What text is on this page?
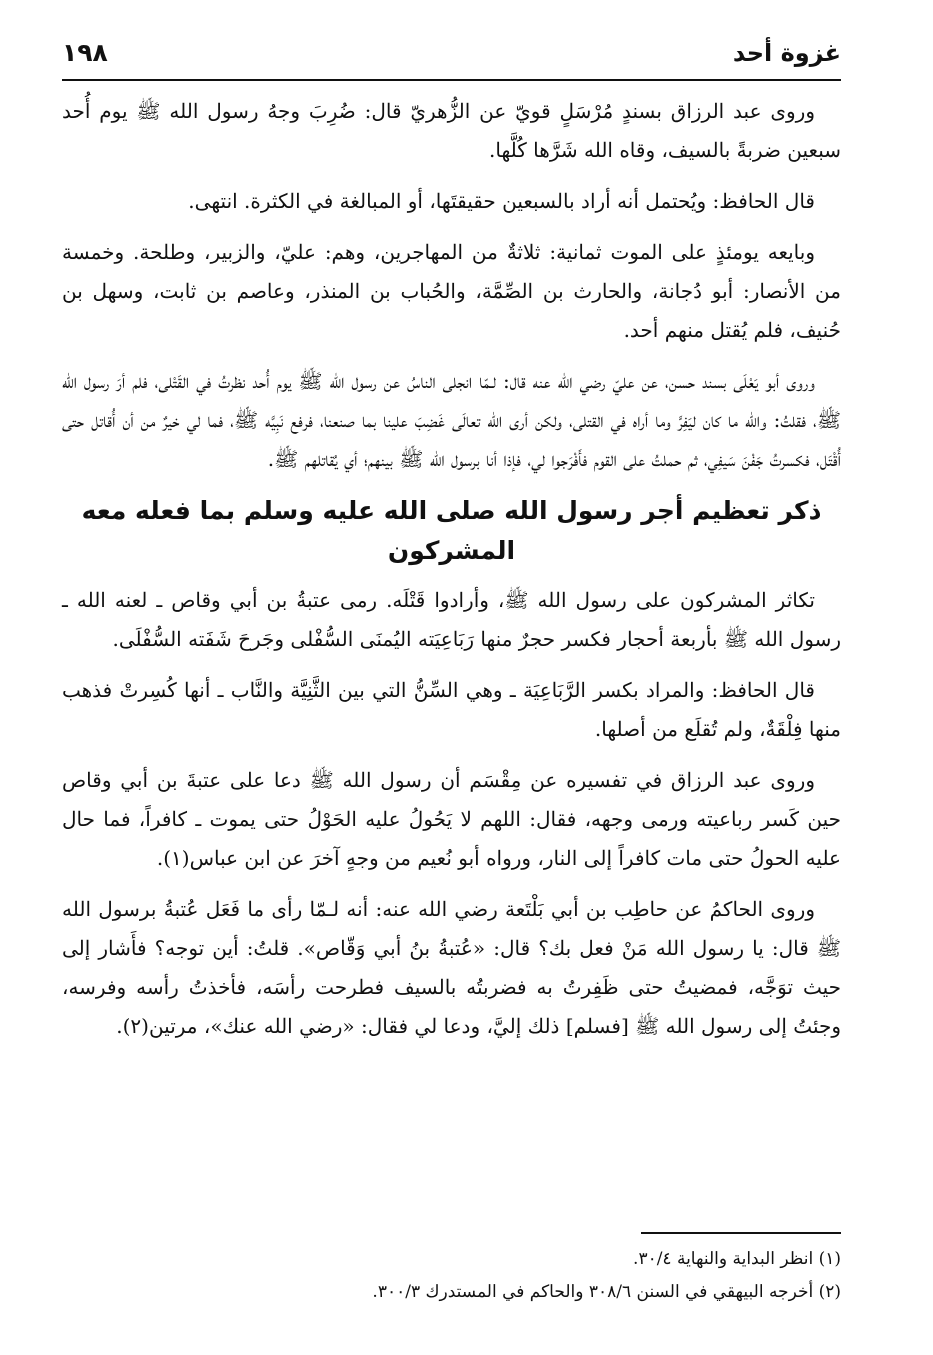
١٩٨	غزوة أحد

وروى عبد الرزاق بسندٍ مُرْسَلٍ قويّ عن الزُّهريّ قال: ضُرِبَ وجهُ رسول الله ﷺ يوم أُحد سبعين ضربةً بالسيف، وقاه الله شَرَّها كُلَّها.

قال الحافظ: ويُحتمل أنه أراد بالسبعين حقيقتَها، أو المبالغة في الكثرة. انتهى.

وبايعه يومئذٍ على الموت ثمانية: ثلاثةٌ من المهاجرين، وهم: عليّ، والزبير، وطلحة. وخمسة من الأنصار: أبو دُجانة، والحارث بن الصِّمَّة، والحُباب بن المنذر، وعاصم بن ثابت، وسهل بن حُنيف، فلم يُقتل منهم أحد.

وروى أبو يَعْلَى بسند حسن، عن عليّ رضي الله عنه قال: لـمّا انجلى الناسُ عن رسول الله ﷺ يوم أُحد نظرتُ في القَتْلى، فلم أرَ رسول الله ﷺ، فقلتُ: والله ما كان ليَفِرَّ وما أراه في القتلى، ولكن أرى الله تعالَى غَضِبَ علينا بما صنعنا، فرفع نَبِيَّه ﷺ، فما لي خيرٌ من أن أُقاتل حتى أُقْتَل، فكسرتُ جَفْنَ سَيفِي، ثم حملتُ على القوم فأَفْرَجوا لي، فإذا أنا برسول الله ﷺ بينهم؛ أي يُقاتلهم ﷺ.

ذكر تعظيم أجر رسول الله صلى الله عليه وسلم بما فعله معه المشركون

تكاثر المشركون على رسول الله ﷺ، وأرادوا قَتْلَه. رمى عتبةُ بن أبي وقاص ـ لعنه الله ـ رسول الله ﷺ بأربعة أحجار فكسر حجرٌ منها رَبَاعِيَته اليُمنَى السُّفْلى وجَرحَ شَفَته السُّفْلَى.

قال الحافظ: والمراد بكسر الرَّبَاعِيَة ـ وهي السِّنُّ التي بين الثَّنِيَّة والنَّاب ـ أنها كُسِرتْ فذهب منها فِلْقَةٌ، ولم تُقلَع من أصلها.

وروى عبد الرزاق في تفسيره عن مِقْسَم أن رسول الله ﷺ دعا على عتبةَ بن أبي وقاص حين كَسر رباعيته ورمى وجهه، فقال: اللهم لا يَحُولُ عليه الحَوْلُ حتى يموت ـ كافراً، فما حال عليه الحولُ حتى مات كافراً إلى النار، ورواه أبو نُعيم من وجهٍ آخرَ عن ابن عباس(١).

وروى الحاكمُ عن حاطِب بن أبي بَلْتَعة رضي الله عنه: أنه لـمّا رأى ما فَعَل عُتبةُ برسول الله ﷺ قال: يا رسول الله مَنْ فعل بك؟ قال: «عُتبةُ بنُ أبي وَقّاص». قلتُ: أين توجه؟ فأَشار إلى حيث توَجَّه، فمضيتُ حتى ظَفِرتُ به فضربتُه بالسيف فطرحت رأسَه، فأخذتُ رأسه وفرسه، وجئتُ إلى رسول الله ﷺ [فسلم] ذلك إليَّ، ودعا لي فقال: «رضي الله عنك»، مرتين(٢).

(١) انظر البداية والنهاية ٣٠/٤.

(٢) أخرجه البيهقي في السنن ٣٠٨/٦ والحاكم في المستدرك ٣٠٠/٣.
